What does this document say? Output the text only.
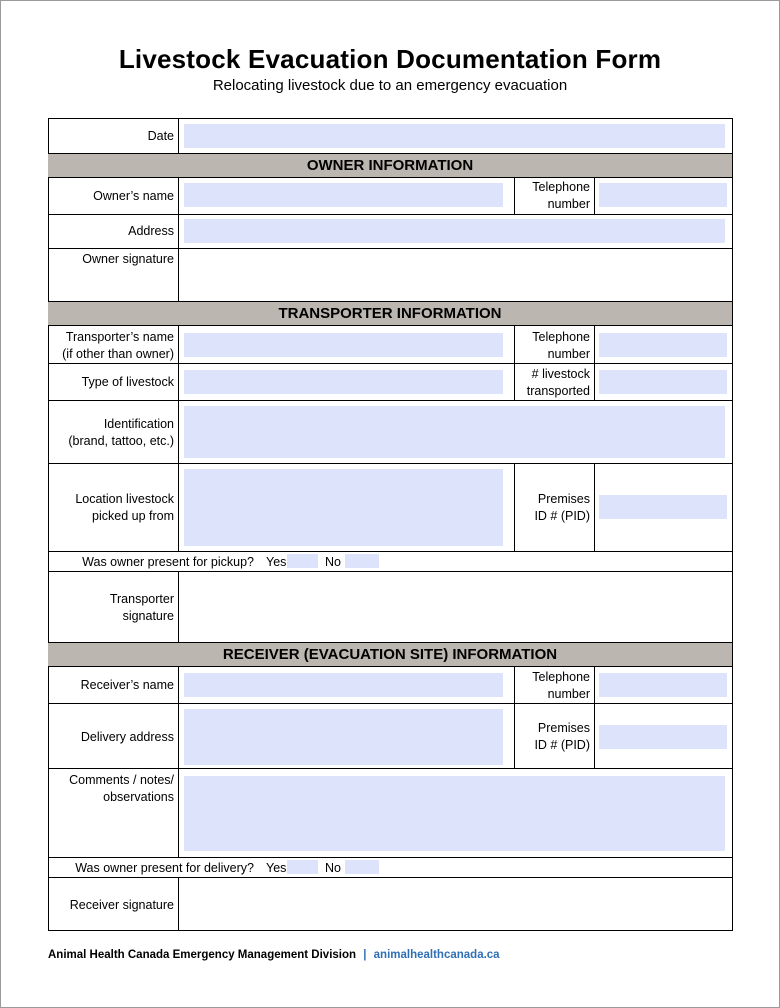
Livestock Evacuation Documentation Form
Relocating livestock due to an emergency evacuation
OWNER INFORMATION
TRANSPORTER INFORMATION
RECEIVER (EVACUATION SITE) INFORMATION
Date
Owner’s name
Telephone
number
Address
Owner signature
Transporter’s name
(if other than owner)
Telephone
number
Type of livestock
# livestock
transported
Identification
(brand, tattoo, etc.)
Location livestock
picked up from
Premises
ID # (PID)
Was owner present for pickup? Yes	No
Transporter
signature
Receiver’s name
Telephone
number
Delivery address
Premises
ID # (PID)
Comments / notes/
observations
Was owner present for delivery? Yes	No
Receiver signature
Animal Health Canada Emergency Management Division | animalhealthcanada.ca
